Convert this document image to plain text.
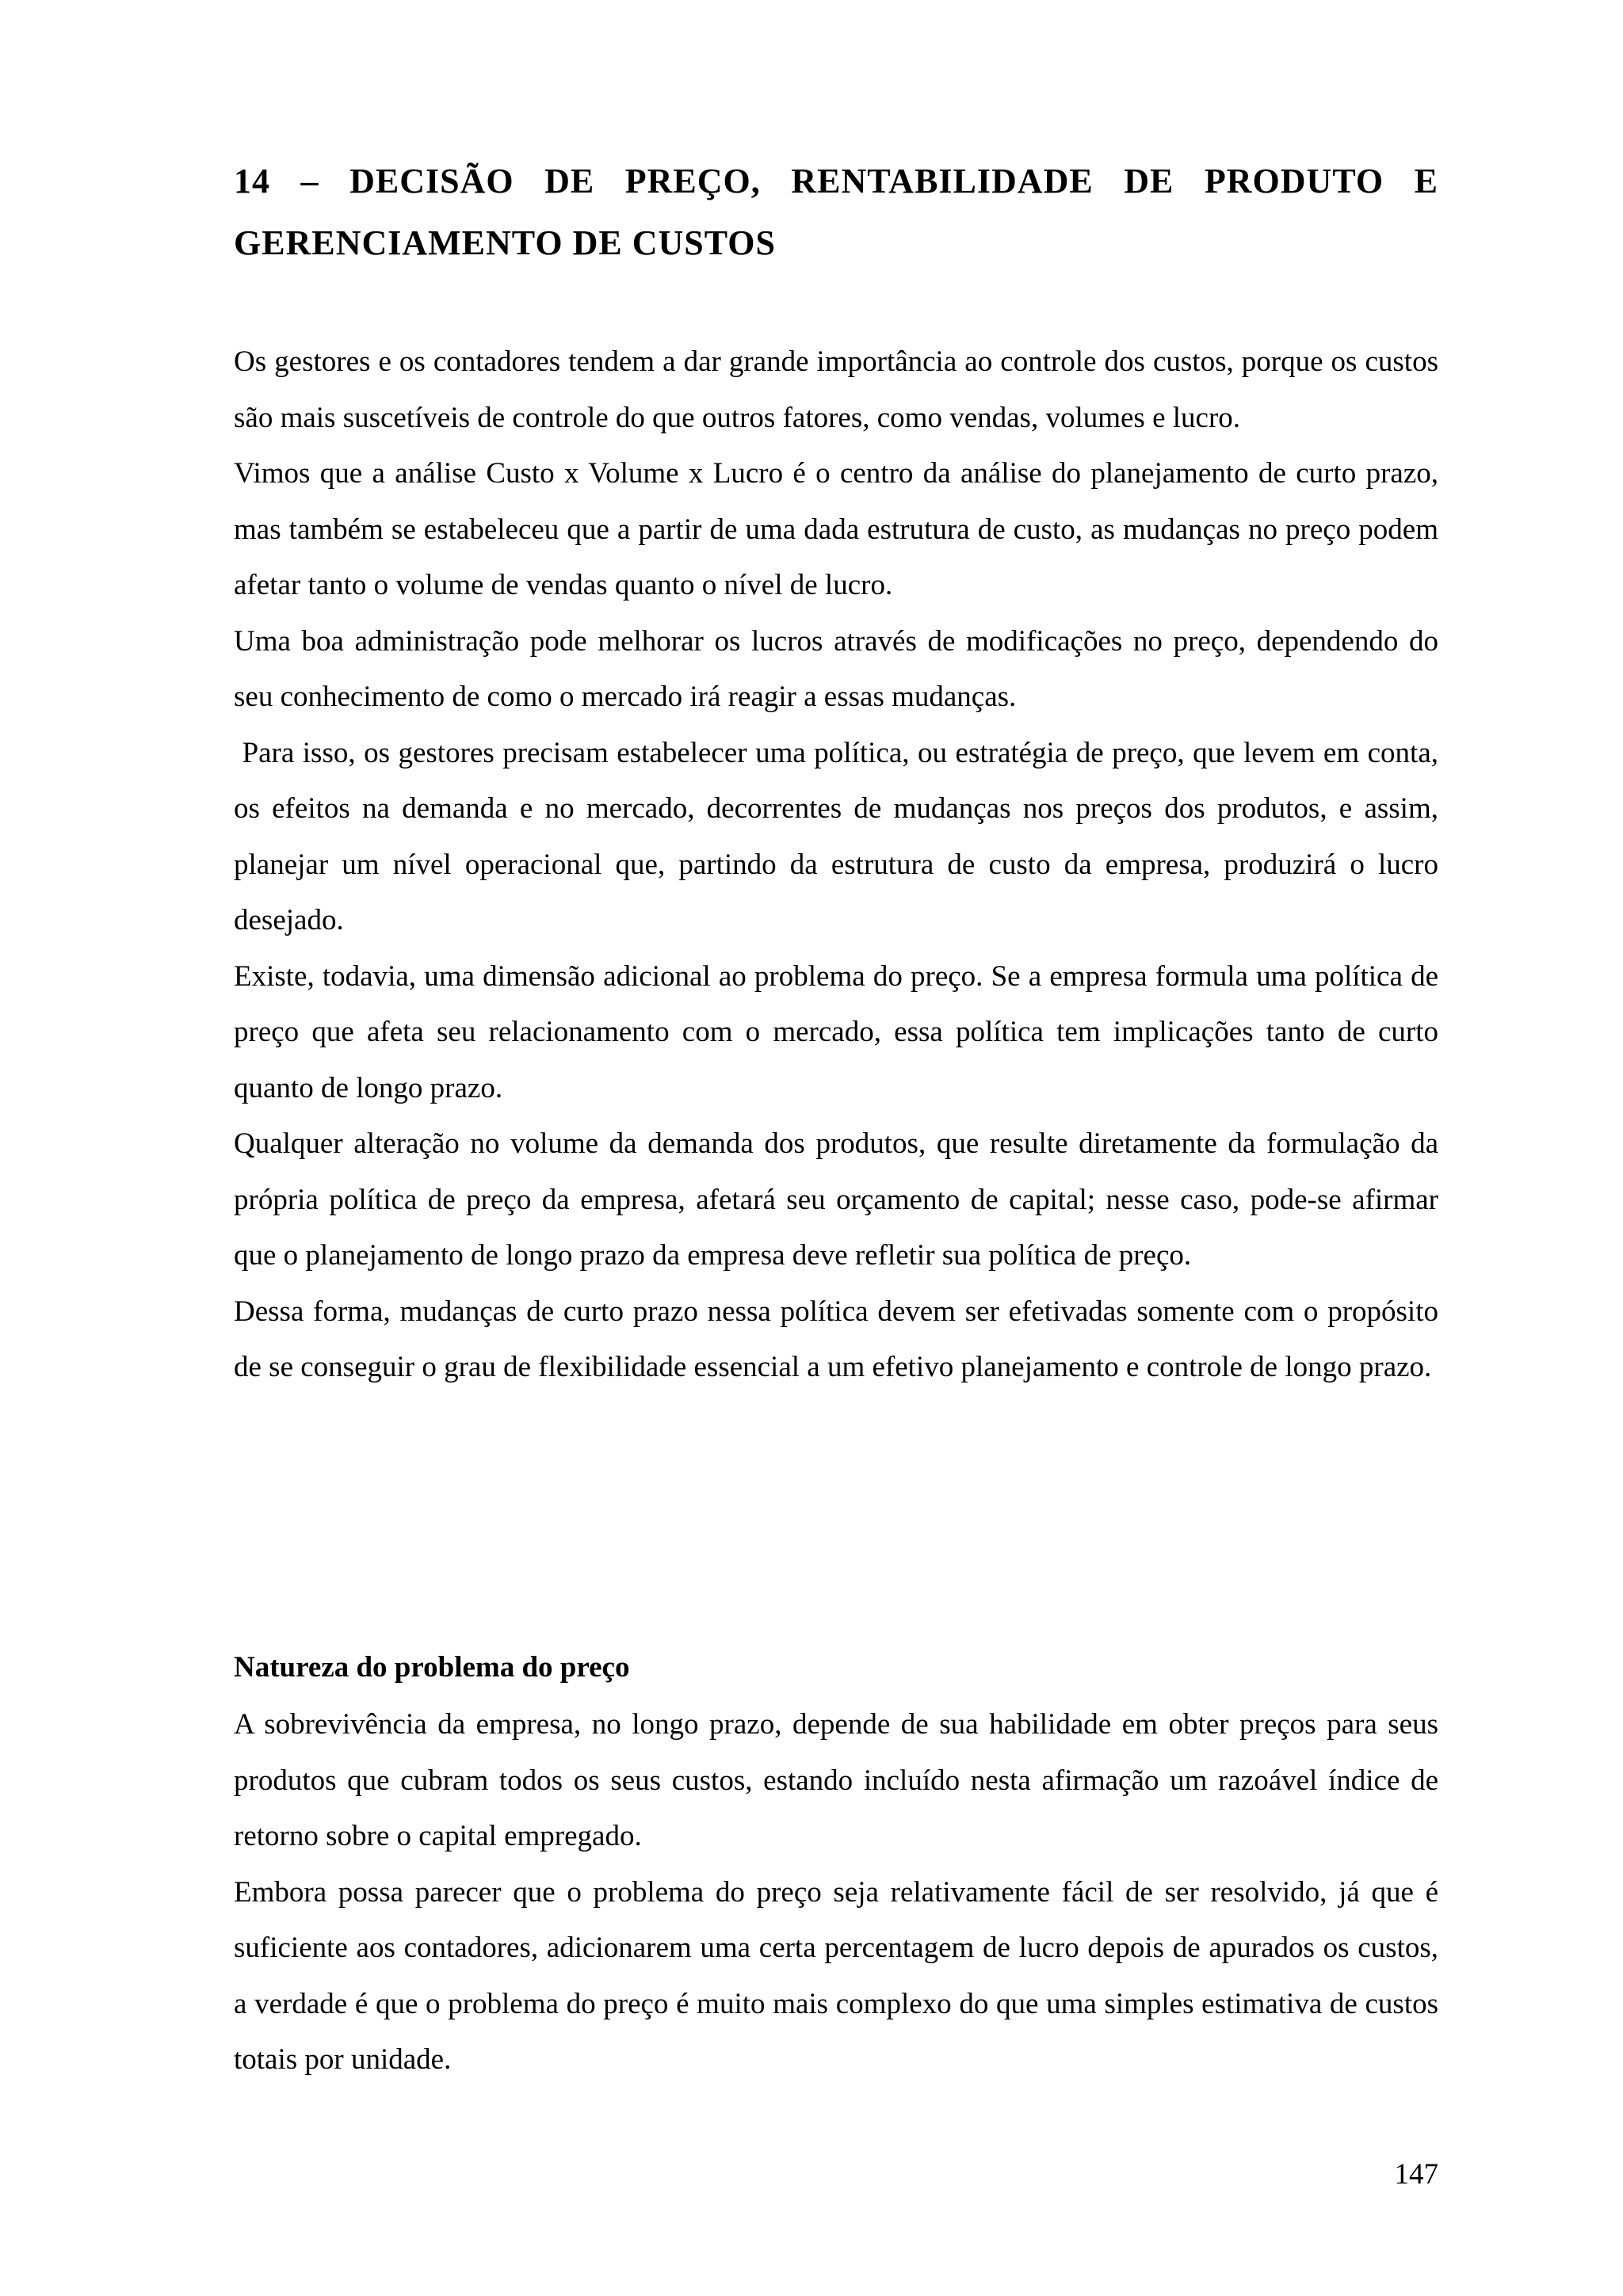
14 – DECISÃO DE PREÇO, RENTABILIDADE DE PRODUTO E GERENCIAMENTO DE CUSTOS

Os gestores e os contadores tendem a dar grande importância ao controle dos custos, porque os custos são mais suscetíveis de controle do que outros fatores, como vendas, volumes e lucro.

Vimos que a análise Custo x Volume x Lucro é o centro da análise do planejamento de curto prazo, mas também se estabeleceu que a partir de uma dada estrutura de custo, as mudanças no preço podem afetar tanto o volume de vendas quanto o nível de lucro.

Uma boa administração pode melhorar os lucros através de modificações no preço, dependendo do seu conhecimento de como o mercado irá reagir a essas mudanças.

Para isso, os gestores precisam estabelecer uma política, ou estratégia de preço, que levem em conta, os efeitos na demanda e no mercado, decorrentes de mudanças nos preços dos produtos, e assim, planejar um nível operacional que, partindo da estrutura de custo da empresa, produzirá o lucro desejado.

Existe, todavia, uma dimensão adicional ao problema do preço. Se a empresa formula uma política de preço que afeta seu relacionamento com o mercado, essa política tem implicações tanto de curto quanto de longo prazo.

Qualquer alteração no volume da demanda dos produtos, que resulte diretamente da formulação da própria política de preço da empresa, afetará seu orçamento de capital; nesse caso, pode-se afirmar que o planejamento de longo prazo da empresa deve refletir sua política de preço.

Dessa forma, mudanças de curto prazo nessa política devem ser efetivadas somente com o propósito de se conseguir o grau de flexibilidade essencial a um efetivo planejamento e controle de longo prazo.

Natureza do problema do preço

A sobrevivência da empresa, no longo prazo, depende de sua habilidade em obter preços para seus produtos que cubram todos os seus custos, estando incluído nesta afirmação um razoável índice de retorno sobre o capital empregado.

Embora possa parecer que o problema do preço seja relativamente fácil de ser resolvido, já que é suficiente aos contadores, adicionarem uma certa percentagem de lucro depois de apurados os custos, a verdade é que o problema do preço é muito mais complexo do que uma simples estimativa de custos totais por unidade.

147
